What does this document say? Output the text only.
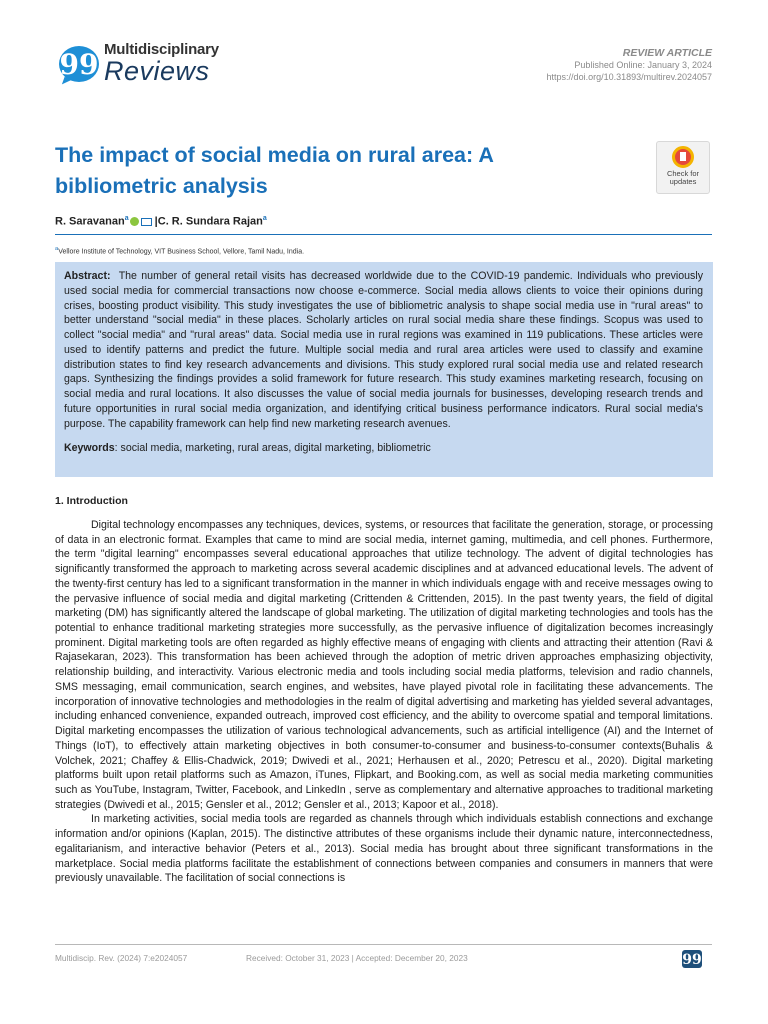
99 Multidisciplinary
Reviews
REVIEW ARTICLE
Published Online: January 3, 2024
https://doi.org/10.31893/multirev.2024057
The impact of social media on rural area: A bibliometric analysis
Check for
updates
R. Saravanan$^a$ |C. R. Sundara Rajan$^a$
$^a$Vellore Institute of Technology, VIT Business School, Vellore, Tamil Nadu, India.
Abstract: The number of general retail visits has decreased worldwide due to the COVID-19 pandemic. Individuals who previously used social media for commercial transactions now choose e-commerce. Social media allows clients to voice their opinions during crises, boosting product visibility. This study investigates the use of bibliometric analysis to shape social media use in "rural areas" to better understand "social media" in these places. Scholarly articles on rural social media share these findings. Scopus was used to collect "social media" and "rural areas" data. Social media use in rural regions was examined in 119 publications. These articles were used to identify patterns and predict the future. Multiple social media and rural area articles were used to classify and examine distribution states to find key research advancements and divisions. This study explored rural social media use and related research gaps. Synthesizing the findings provides a solid framework for future research. This study examines marketing research, focusing on social media and rural locations. It also discusses the value of social media journals for businesses, developing research trends and future opportunities in rural social media organization, and identifying critical business performance indicators. Rural social media's purpose. The capability framework can help find new marketing research avenues.
Keywords: social media, marketing, rural areas, digital marketing, bibliometric
1. Introduction

Digital technology encompasses any techniques, devices, systems, or resources that facilitate the generation, storage, or processing of data in an electronic format. Examples that came to mind are social media, internet gaming, multimedia, and cell phones. Furthermore, the term "digital learning" encompasses several educational approaches that utilize technology. The advent of digital technologies has significantly transformed the approach to marketing across several academic disciplines and at advanced educational levels. The advent of the twenty-first century has led to a significant transformation in the manner in which individuals engage with and receive messages owing to the pervasive influence of social media and digital marketing (Crittenden & Crittenden, 2015). In the past twenty years, the field of digital marketing (DM) has significantly altered the landscape of global marketing. The utilization of digital marketing technologies and tools has the potential to enhance traditional marketing strategies more successfully, as the pervasive influence of digitalization becomes increasingly prominent. Digital marketing tools are often regarded as highly effective means of engaging with clients and attracting their attention (Ravi & Rajasekaran, 2023). This transformation has been achieved through the adoption of metric driven approaches emphasizing objectivity, relationship building, and interactivity. Various electronic media and tools including social media platforms, television and radio channels, SMS messaging, email communication, search engines, and websites, have played pivotal role in facilitating these advancements. The incorporation of innovative technologies and methodologies in the realm of digital advertising and marketing has yielded several advantages, including enhanced convenience, expanded outreach, improved cost efficiency, and the ability to overcome spatial and temporal limitations. Digital marketing encompasses the utilization of various technological advancements, such as artificial intelligence (AI) and the Internet of Things (IoT), to effectively attain marketing objectives in both consumer-to-consumer and business-to-consumer contexts(Buhalis & Volchek, 2021; Chaffey & Ellis-Chadwick, 2019; Dwivedi et al., 2021; Herhausen et al., 2020; Petrescu et al., 2020). Digital marketing platforms built upon retail platforms such as Amazon, iTunes, Flipkart, and Booking.com, as well as social media marketing communities such as YouTube, Instagram, Twitter, Facebook, and LinkedIn , serve as complementary and alternative approaches to traditional marketing strategies (Dwivedi et al., 2015; Gensler et al., 2012; Gensler et al., 2013; Kapoor et al., 2018).

In marketing activities, social media tools are regarded as channels through which individuals establish connections and exchange information and/or opinions (Kaplan, 2015). The distinctive attributes of these organisms include their dynamic nature, interconnectedness, egalitarianism, and interactive behavior (Peters et al., 2013). Social media has brought about three significant transformations in the marketplace. Social media platforms facilitate the establishment of connections between companies and consumers in manners that were previously unavailable. The facilitation of social connections is

Multidiscip. Rev. (2024) 7:e2024057	Received: October 31, 2023 | Accepted: December 20, 2023	99
